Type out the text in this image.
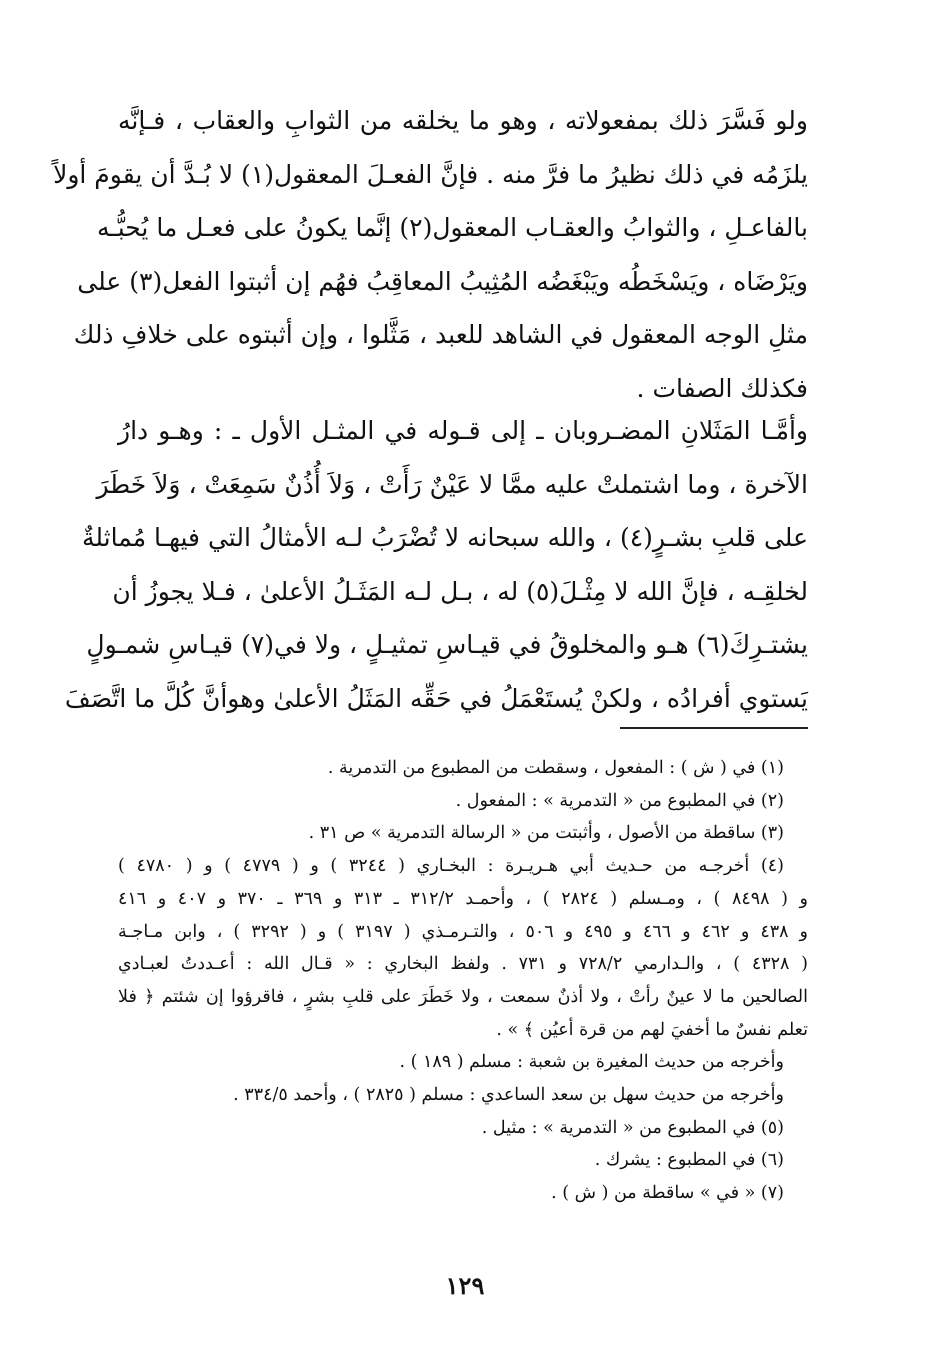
ولو فَسَّرَ ذلك بمفعولاته ، وهو ما يخلقه من الثوابِ والعقاب ، فـإنَّه
يلزَمُه في ذلك نظيرُ ما فرَّ منه . فإنَّ الفعـلَ المعقول(١) لا بُـدَّ أن يقومَ أولاً
بالفاعـلِ ، والثوابُ والعقـاب المعقول(٢) إنَّما يكونُ على فعـل ما يُحبُّـه
ويَرْضَاه ، ويَسْخَطُه ويَبْغَضُه المُثِيبُ المعاقِبُ فهُم إن أثبتوا الفعل(٣) على
مثلِ الوجه المعقول في الشاهد للعبد ، مَثَّلوا ، وإن أثبتوه على خلافِ ذلك
فكذلك الصفات .
وأمَّـا المَثَلانِ المضـروبان ـ إلى قـوله في المثـل الأول ـ : وهـو دارُ
الآخرة ، وما اشتملتْ عليه ممَّا لا عَيْنٌ رَأَتْ ، وَلاَ أُذُنٌ سَمِعَتْ ، وَلاَ خَطَرَ
على قلبِ بشـرٍ(٤) ، والله سبحانه لا تُضْرَبُ لـه الأمثالُ التي فيهـا مُماثلةٌ
لخلقِـه ، فإنَّ الله لا مِثْـلَ(٥) له ، بـل لـه المَثَـلُ الأعلىٰ ، فـلا يجوزُ أن
يشتـرِكَ(٦) هـو والمخلوقُ في قيـاسِ تمثيـلٍ ، ولا في(٧) قيـاسِ شمـولٍ
يَستوي أفرادُه ، ولكنْ يُستَعْمَلُ في حَقِّه المَثَلُ الأعلىٰ وهوأنَّ كُلَّ ما اتَّصَفَ
(١) في ( ش ) : المفعول ، وسقطت من المطبوع من التدمرية .
(٢) في المطبوع من « التدمرية » : المفعول .
(٣) ساقطة من الأصول ، وأثبتت من « الرسالة التدمرية » ص ٣١ .
(٤) أخرجـه من حـديث أبي هـريـرة : البخـاري ( ٣٢٤٤ ) و ( ٤٧٧٩ ) و ( ٤٧٨٠ )
و ( ٨٤٩٨ ) ، ومـسلم ( ٢٨٢٤ ) ، وأحمـد ٣١٢/٢ ـ ٣١٣ و ٣٦٩ ـ ٣٧٠ و ٤٠٧ و ٤١٦
و ٤٣٨ و ٤٦٢ و ٤٦٦ و ٤٩٥ و ٥٠٦ ، والتـرمـذي ( ٣١٩٧ ) و ( ٣٢٩٢ ) ، وابن مـاجـة
( ٤٣٢٨ ) ، والـدارمي ٧٢٨/٢ و ٧٣١ . ولفظ البخاري : « قـال الله : أعـددتُ لعبـادي
الصالحين ما لا عينٌ رأتْ ، ولا أذنٌ سمعت ، ولا خَطَرَ على قلبِ بشرٍ ، فاقرؤوا إن شئتم ﴿ فلا
تعلم نفسٌ ما أخفيَ لهم من قرة أعيُن ﴾ » .
وأخرجه من حديث المغيرة بن شعبة : مسلم ( ١٨٩ ) .
وأخرجه من حديث سهل بن سعد الساعدي : مسلم ( ٢٨٢٥ ) ، وأحمد ٣٣٤/٥ .
(٥) في المطبوع من « التدمرية » : مثيل .
(٦) في المطبوع : يشرك .
(٧) « في » ساقطة من ( ش ) .
١٢٩
